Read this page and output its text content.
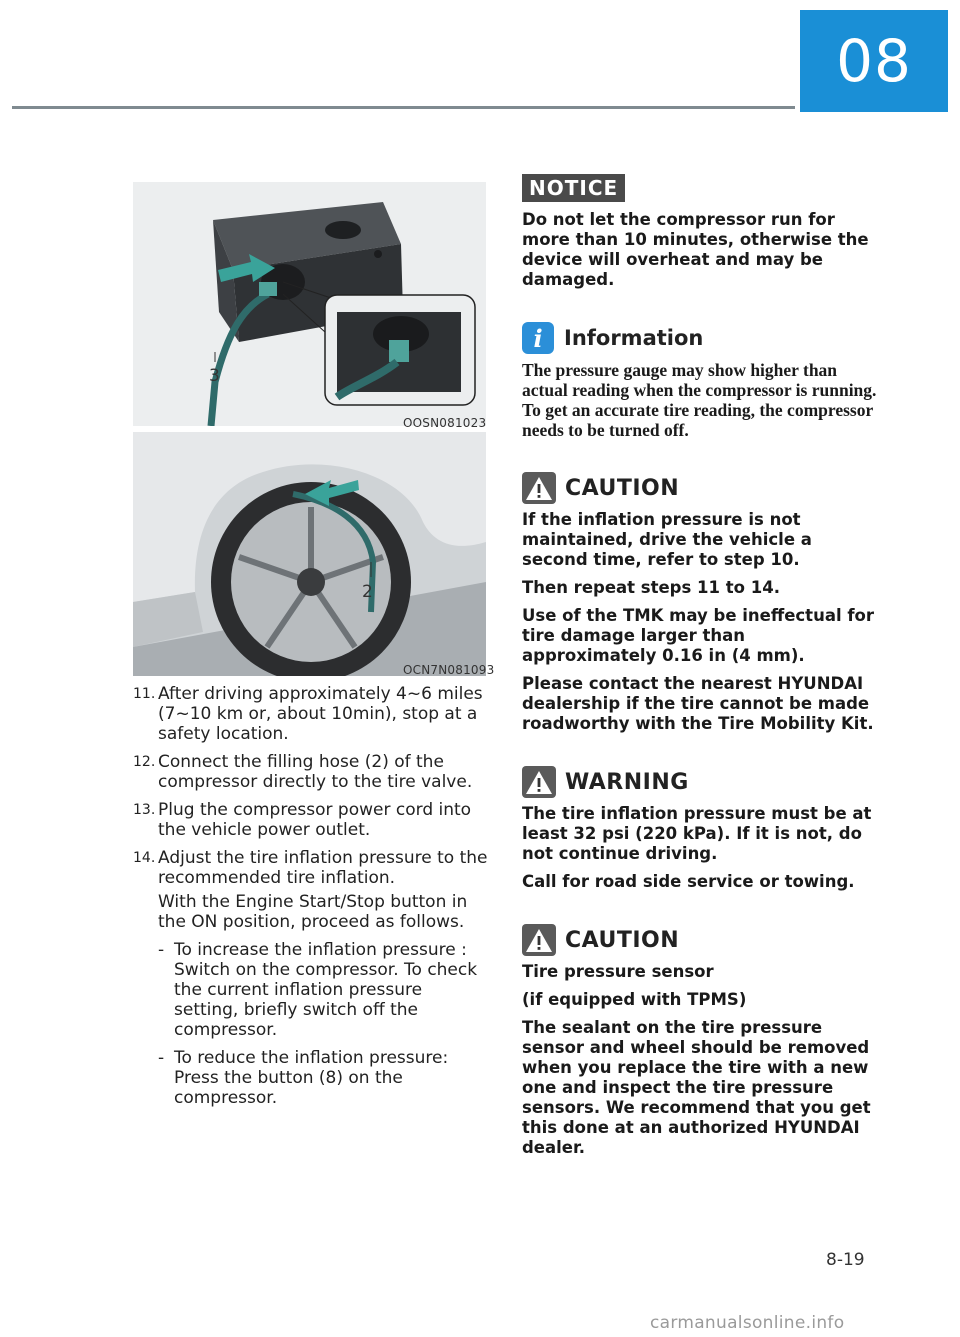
08
3
OOSN081023
2
OCN7N081093
11. After driving approximately 4~6 miles (7~10 km or, about 10min), stop at a safety location.
12. Connect the filling hose (2) of the compressor directly to the tire valve.
13. Plug the compressor power cord into the vehicle power outlet.
14. Adjust the tire inflation pressure to the recommended tire inflation.
With the Engine Start/Stop button in the ON position, proceed as follows.
- To increase the inflation pressure : Switch on the compressor. To check the current inflation pressure setting, briefly switch off the compressor.
- To reduce the inflation pressure: Press the button (8) on the compressor.
NOTICE
Do not let the compressor run for more than 10 minutes, otherwise the device will overheat and may be damaged.
i	Information
The pressure gauge may show higher than actual reading when the compressor is running. To get an accurate tire reading, the compressor needs to be turned off.
CAUTION
If the inflation pressure is not maintained, drive the vehicle a second time, refer to step 10.
Then repeat steps 11 to 14.
Use of the TMK may be ineffectual for tire damage larger than approximately 0.16 in (4 mm).
Please contact the nearest HYUNDAI dealership if the tire cannot be made roadworthy with the Tire Mobility Kit.
WARNING
The tire inflation pressure must be at least 32 psi (220 kPa). If it is not, do not continue driving.
Call for road side service or towing.
CAUTION
Tire pressure sensor
(if equipped with TPMS)
The sealant on the tire pressure sensor and wheel should be removed when you replace the tire with a new one and inspect the tire pressure sensors. We recommend that you get this done at an authorized HYUNDAI dealer.
8-19
carmanualsonline.info
